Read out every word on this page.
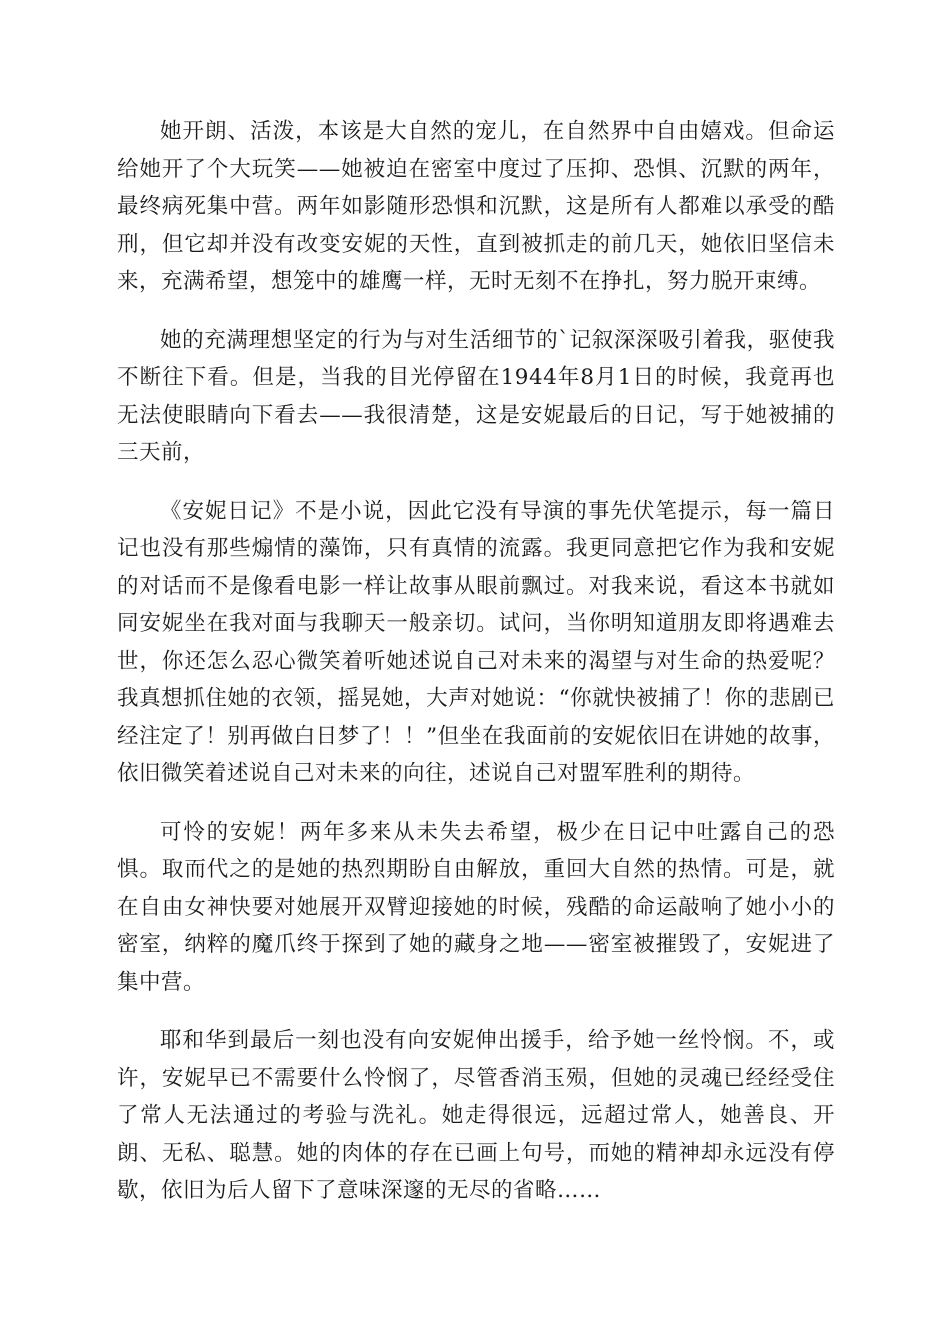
她开朗、活泼，本该是大自然的宠儿，在自然界中自由嬉戏。但命运给她开了个大玩笑——她被迫在密室中度过了压抑、恐惧、沉默的两年，最终病死集中营。两年如影随形恐惧和沉默，这是所有人都难以承受的酷刑，但它却并没有改变安妮的天性，直到被抓走的前几天，她依旧坚信未来，充满希望，想笼中的雄鹰一样，无时无刻不在挣扎，努力脱开束缚。

她的充满理想坚定的行为与对生活细节的`记叙深深吸引着我，驱使我不断往下看。但是，当我的目光停留在1944年8月1日的时候，我竟再也无法使眼睛向下看去——我很清楚，这是安妮最后的日记，写于她被捕的三天前，

《安妮日记》不是小说，因此它没有导演的事先伏笔提示，每一篇日记也没有那些煽情的藻饰，只有真情的流露。我更同意把它作为我和安妮的对话而不是像看电影一样让故事从眼前飘过。对我来说，看这本书就如同安妮坐在我对面与我聊天一般亲切。试问，当你明知道朋友即将遇难去世，你还怎么忍心微笑着听她述说自己对未来的渴望与对生命的热爱呢？我真想抓住她的衣领，摇晃她，大声对她说：“你就快被捕了！你的悲剧已经注定了！别再做白日梦了！！”但坐在我面前的安妮依旧在讲她的故事，依旧微笑着述说自己对未来的向往，述说自己对盟军胜利的期待。

可怜的安妮！两年多来从未失去希望，极少在日记中吐露自己的恐惧。取而代之的是她的热烈期盼自由解放，重回大自然的热情。可是，就在自由女神快要对她展开双臂迎接她的时候，残酷的命运敲响了她小小的密室，纳粹的魔爪终于探到了她的藏身之地——密室被摧毁了，安妮进了集中营。

耶和华到最后一刻也没有向安妮伸出援手，给予她一丝怜悯。不，或许，安妮早已不需要什么怜悯了，尽管香消玉殒，但她的灵魂已经经受住了常人无法通过的考验与洗礼。她走得很远，远超过常人，她善良、开朗、无私、聪慧。她的肉体的存在已画上句号，而她的精神却永远没有停歇，依旧为后人留下了意味深邃的无尽的省略……
